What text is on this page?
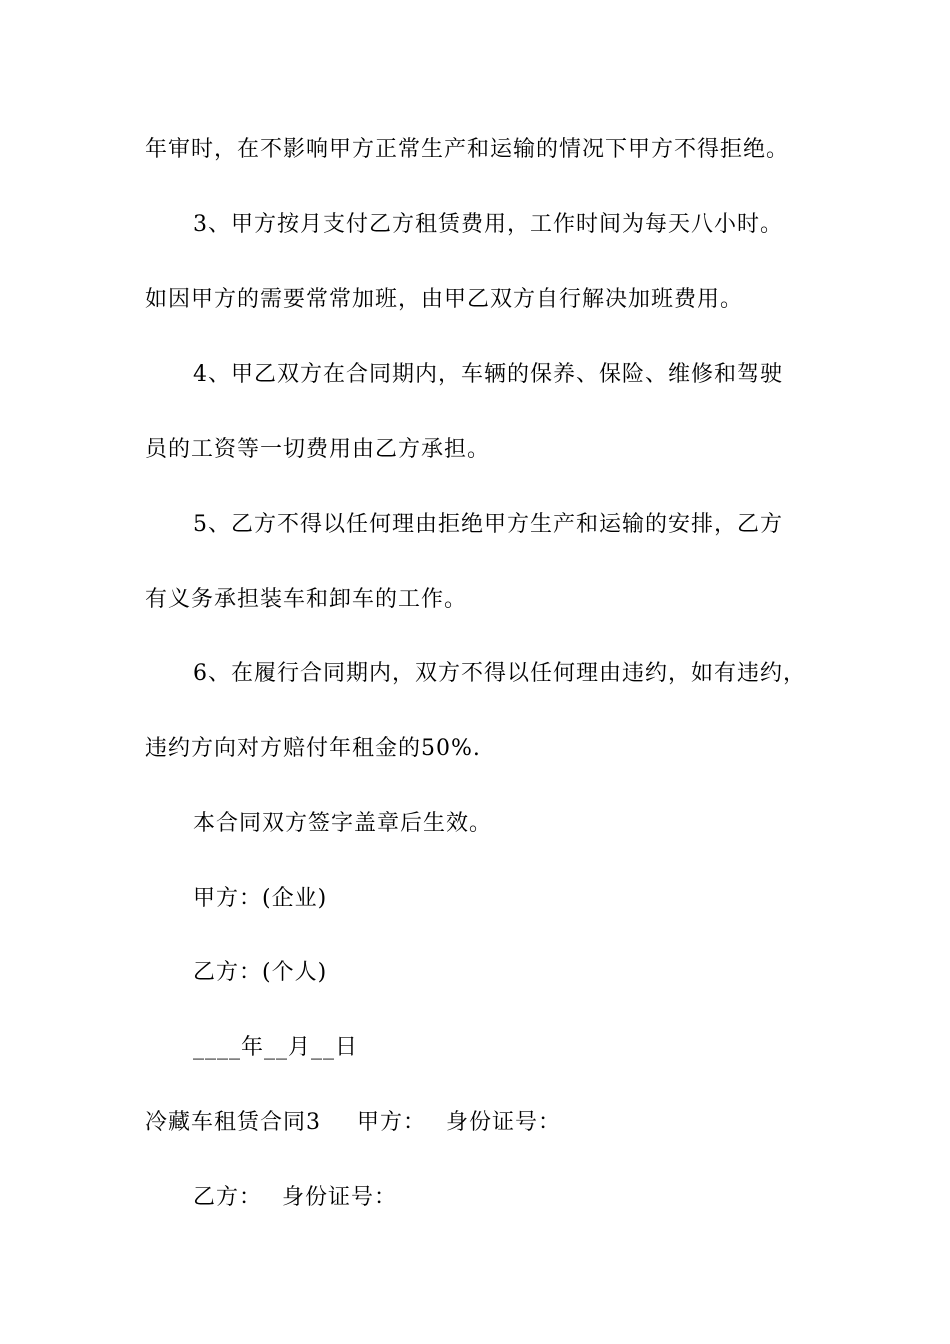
年审时，在不影响甲方正常生产和运输的情况下甲方不得拒绝。
3、甲方按月支付乙方租赁费用，工作时间为每天八小时。
如因甲方的需要常常加班，由甲乙双方自行解决加班费用。
4、甲乙双方在合同期内，车辆的保养、保险、维修和驾驶
员的工资等一切费用由乙方承担。
5、乙方不得以任何理由拒绝甲方生产和运输的安排，乙方
有义务承担装车和卸车的工作。
6、在履行合同期内，双方不得以任何理由违约，如有违约，
违约方向对方赔付年租金的50%.
本合同双方签字盖章后生效。
甲方：(企业)
乙方：(个人)
____年__月__日
冷藏车租赁合同3 甲方： 身份证号：
乙方： 身份证号：
